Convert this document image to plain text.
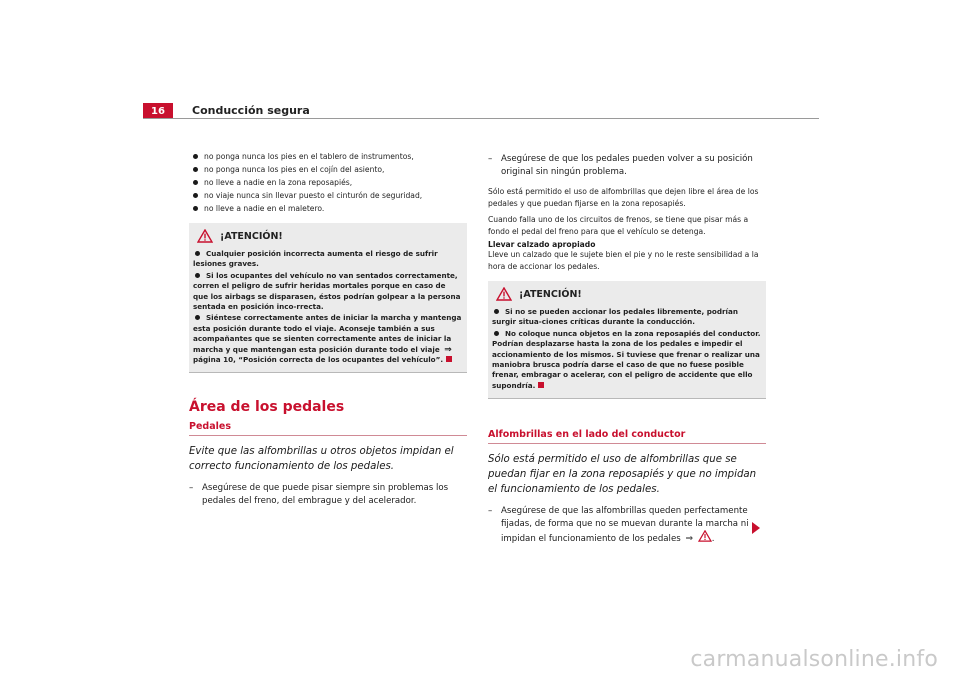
16	Conducción segura
no ponga nunca los pies en el tablero de instrumentos,
no ponga nunca los pies en el cojín del asiento,
no lleve a nadie en la zona reposapiés,
no viaje nunca sin llevar puesto el cinturón de seguridad,
no lleve a nadie en el maletero.
¡ATENCIÓN!
Cualquier posición incorrecta aumenta el riesgo de sufrir lesiones graves.
Si los ocupantes del vehículo no van sentados correctamente, corren el peligro de sufrir heridas mortales porque en caso de que los airbags se disparasen, éstos podrían golpear a la persona sentada en posición inco-rrecta.
Siéntese correctamente antes de iniciar la marcha y mantenga esta posición durante todo el viaje. Aconseje también a sus acompañantes que se sienten correctamente antes de iniciar la marcha y que mantengan esta posición durante todo el viaje ⇒ página 10, “Posición correcta de los ocupantes del vehículo”.
Área de los pedales
Pedales
Evite que las alfombrillas u otros objetos impidan el correcto funcionamiento de los pedales.
– Asegúrese de que puede pisar siempre sin problemas los pedales del freno, del embrague y del acelerador.
– Asegúrese de que los pedales pueden volver a su posición original sin ningún problema.
Sólo está permitido el uso de alfombrillas que dejen libre el área de los pedales y que puedan fijarse en la zona reposapiés.
Cuando falla uno de los circuitos de frenos, se tiene que pisar más a fondo el pedal del freno para que el vehículo se detenga.
Llevar calzado apropiado
Lleve un calzado que le sujete bien el pie y no le reste sensibilidad a la hora de accionar los pedales.
¡ATENCIÓN!
Si no se pueden accionar los pedales libremente, podrían surgir situa-ciones críticas durante la conducción.
No coloque nunca objetos en la zona reposapiés del conductor. Podrían desplazarse hasta la zona de los pedales e impedir el accionamiento de los mismos. Si tuviese que frenar o realizar una maniobra brusca podría darse el caso de que no fuese posible frenar, embragar o acelerar, con el peligro de accidente que ello supondría.
Alfombrillas en el lado del conductor
Sólo está permitido el uso de alfombrillas que se puedan fijar en la zona reposapiés y que no impidan el funcionamiento de los pedales.
– Asegúrese de que las alfombrillas queden perfectamente fijadas, de forma que no se muevan durante la marcha ni impidan el funcionamiento de los pedales ⇒ .
carmanualsonline.info
